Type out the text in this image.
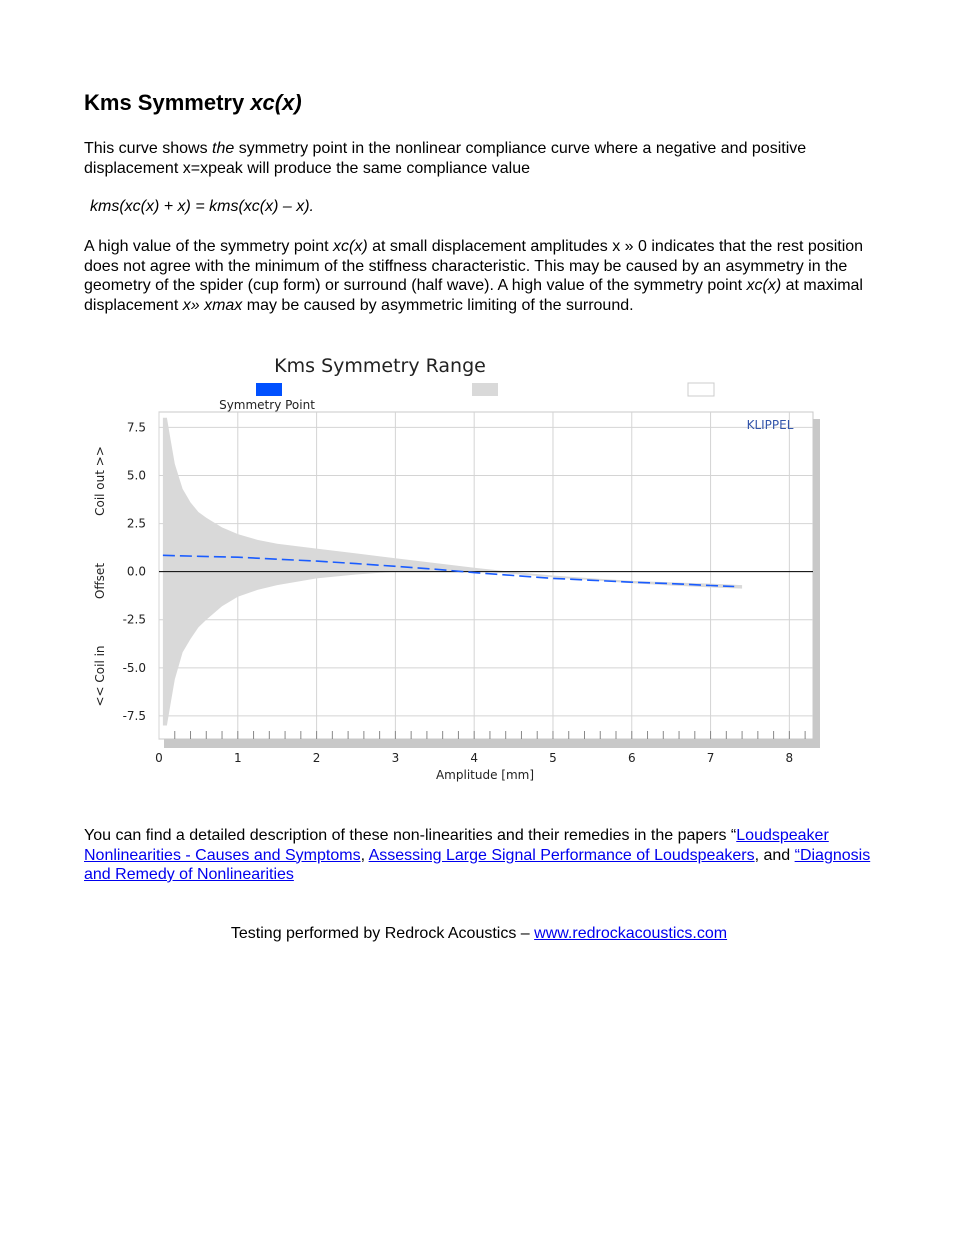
Kms Symmetry xc(x)

This curve shows the symmetry point in the nonlinear compliance curve where a negative and positive displacement x=xpeak will produce the same compliance value

kms(xc(x) + x) = kms(xc(x) – x).

A high value of the symmetry point xc(x) at small displacement amplitudes x » 0 indicates that the rest position does not agree with the minimum of the stiffness characteristic. This may be caused by an asymmetry in the geometry of the spider (cup form) or surround (half wave). A high value of the symmetry point xc(x) at maximal displacement x» xmax may be caused by asymmetric limiting of the surround.

You can find a detailed description of these non-linearities and their remedies in the papers “Loudspeaker Nonlinearities - Causes and Symptoms, Assessing Large Signal Performance of Loudspeakers, and “Diagnosis and Remedy of Nonlinearities

Testing performed by Redrock Acoustics – www.redrockacoustics.com

Kms Symmetry Range
Symmetry Point
0	1	2	3	4	5	6	7	8
7.5
5.0
2.5
0.0
-2.5
-5.0
-7.5
Amplitude [mm]
Coil out >>
Offset
<< Coil in
KLIPPEL
